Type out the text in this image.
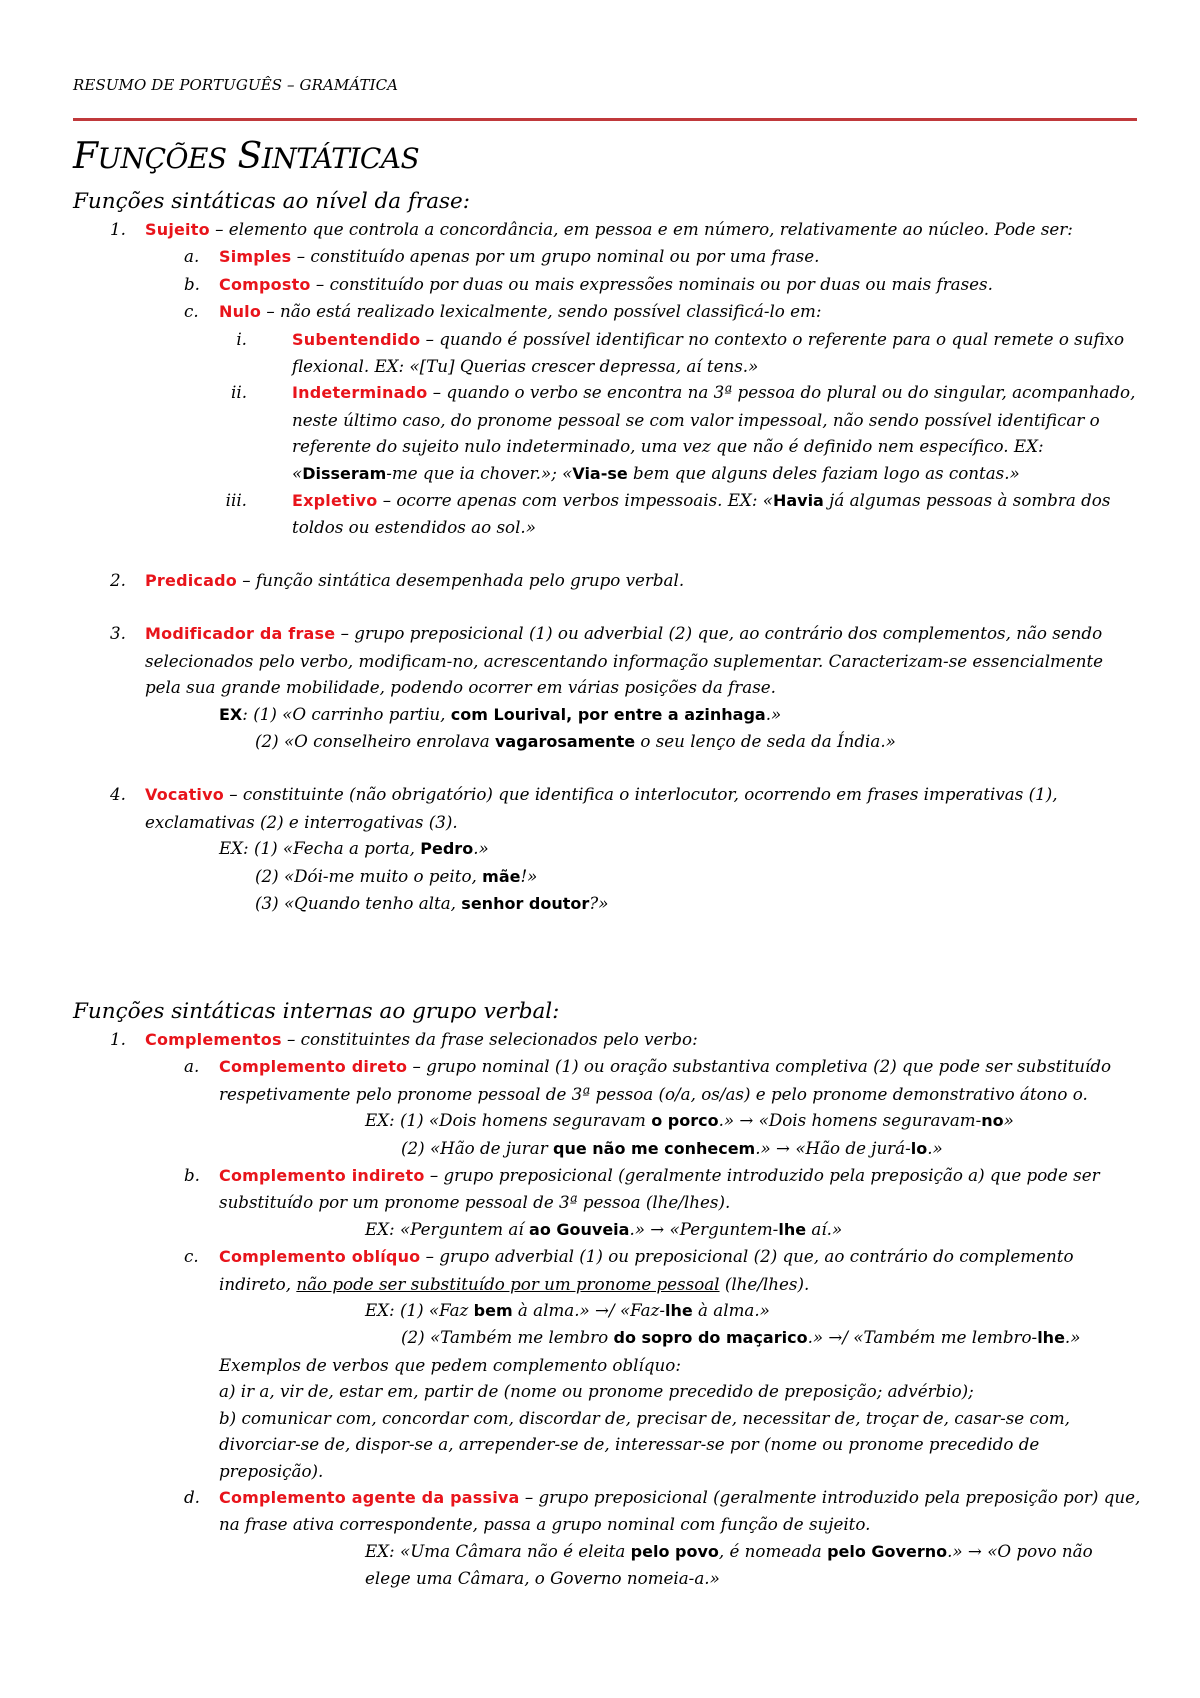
RESUMO DE PORTUGUÊS – GRAMÁTICA
FUNÇÕES SINTÁTICAS
Funções sintáticas ao nível da frase:
1. Sujeito – elemento que controla a concordância, em pessoa e em número, relativamente ao núcleo. Pode ser:
a. Simples – constituído apenas por um grupo nominal ou por uma frase.
b. Composto – constituído por duas ou mais expressões nominais ou por duas ou mais frases.
c. Nulo – não está realizado lexicalmente, sendo possível classificá-lo em:
i.	Subentendido – quando é possível identificar no contexto o referente para o qual remete o sufixo flexional. EX: «[Tu] Querias crescer depressa, aí tens.»
ii.	Indeterminado – quando o verbo se encontra na 3ª pessoa do plural ou do singular, acompanhado, neste último caso, do pronome pessoal se com valor impessoal, não sendo possível identificar o referente do sujeito nulo indeterminado, uma vez que não é definido nem específico. EX: «Disseram-me que ia chover.»; «Via-se bem que alguns deles faziam logo as contas.»
iii.	Expletivo – ocorre apenas com verbos impessoais. EX: «Havia já algumas pessoas à sombra dos toldos ou estendidos ao sol.»
2. Predicado – função sintática desempenhada pelo grupo verbal.
3. Modificador da frase – grupo preposicional (1) ou adverbial (2) que, ao contrário dos complementos, não sendo selecionados pelo verbo, modificam-no, acrescentando informação suplementar. Caracterizam-se essencialmente pela sua grande mobilidade, podendo ocorrer em várias posições da frase.
EX: (1) «O carrinho partiu, com Lourival, por entre a azinhaga.»
(2) «O conselheiro enrolava vagarosamente o seu lenço de seda da Índia.»
4. Vocativo – constituinte (não obrigatório) que identifica o interlocutor, ocorrendo em frases imperativas (1), exclamativas (2) e interrogativas (3).
EX: (1) «Fecha a porta, Pedro.»
(2) «Dói-me muito o peito, mãe!»
(3) «Quando tenho alta, senhor doutor?»
Funções sintáticas internas ao grupo verbal:
1. Complementos – constituintes da frase selecionados pelo verbo:
a. Complemento direto – grupo nominal (1) ou oração substantiva completiva (2) que pode ser substituído respetivamente pelo pronome pessoal de 3ª pessoa (o/a, os/as) e pelo pronome demonstrativo átono o.
EX: (1) «Dois homens seguravam o porco.» → «Dois homens seguravam-no»
(2) «Hão de jurar que não me conhecem.» → «Hão de jurá-lo.»
b. Complemento indireto – grupo preposicional (geralmente introduzido pela preposição a) que pode ser substituído por um pronome pessoal de 3ª pessoa (lhe/lhes).
EX: «Perguntem aí ao Gouveia.» → «Perguntem-lhe aí.»
c. Complemento oblíquo – grupo adverbial (1) ou preposicional (2) que, ao contrário do complemento indireto, não pode ser substituído por um pronome pessoal (lhe/lhes).
EX: (1) «Faz bem à alma.» →/ «Faz-lhe à alma.»
(2) «Também me lembro do sopro do maçarico.» →/ «Também me lembro-lhe.»
Exemplos de verbos que pedem complemento oblíquo:
a) ir a, vir de, estar em, partir de (nome ou pronome precedido de preposição; advérbio);
b) comunicar com, concordar com, discordar de, precisar de, necessitar de, troçar de, casar-se com, divorciar-se de, dispor-se a, arrepender-se de, interessar-se por (nome ou pronome precedido de preposição).
d. Complemento agente da passiva – grupo preposicional (geralmente introduzido pela preposição por) que, na frase ativa correspondente, passa a grupo nominal com função de sujeito.
EX: «Uma Câmara não é eleita pelo povo, é nomeada pelo Governo.» → «O povo não elege uma Câmara, o Governo nomeia-a.»
